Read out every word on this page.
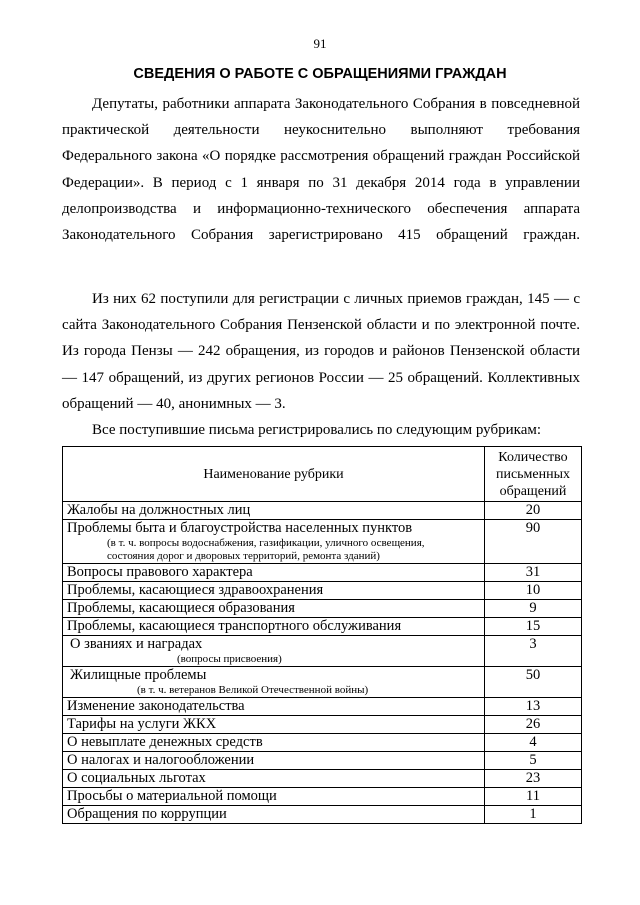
91
СВЕДЕНИЯ О РАБОТЕ С ОБРАЩЕНИЯМИ ГРАЖДАН

Депутаты, работники аппарата Законодательного Собрания в повседневной практической деятельности неукоснительно выполняют требования Федерального закона «О порядке рассмотрения обращений граждан Российской Федерации». В период с 1 января по 31 декабря 2014 года в управлении делопроизводства и информационно-технического обеспечения аппарата Законодательного Собрания зарегистрировано 415 обращений граждан.

Из них 62 поступили для регистрации с личных приемов граждан, 145 — с сайта Законодательного Собрания Пензенской области и по электронной почте. Из города Пензы — 242 обращения, из городов и районов Пензенской области — 147 обращений, из других регионов России — 25 обращений. Коллективных обращений — 40, анонимных — 3.

Все поступившие письма регистрировались по следующим рубрикам:
Наименование рубрики	Количество письменных обращений
Жалобы на должностных лиц	20
Проблемы быта и благоустройства населенных пунктов
(в т. ч. вопросы водоснабжения, газификации, уличного освещения, состояния дорог и дворовых территорий, ремонта зданий)	90
Вопросы правового характера	31
Проблемы, касающиеся здравоохранения	10
Проблемы, касающиеся образования	9
Проблемы, касающиеся транспортного обслуживания	15
О званиях и наградах
(вопросы присвоения)	3
Жилищные проблемы
(в т. ч. ветеранов Великой Отечественной войны)	50
Изменение законодательства	13
Тарифы на услуги ЖКХ	26
О невыплате денежных средств	4
О налогах и налогообложении	5
О социальных льготах	23
Просьбы о материальной помощи	11
Обращения по коррупции	1
